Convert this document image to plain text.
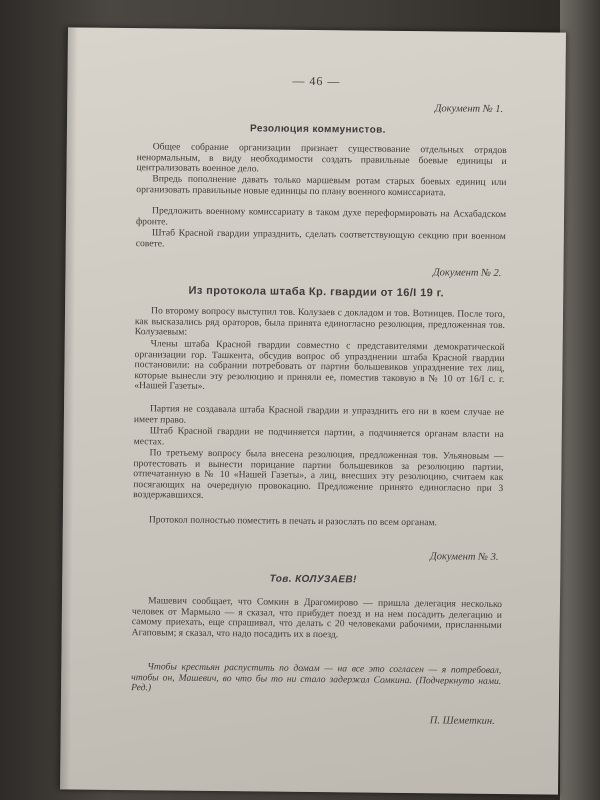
— 46 —
Документ № 1.
Резолюция коммунистов.

Общее собрание организации признает существование отдельных отрядов ненормальным, в виду необходимости создать правильные боевые единицы и централизовать военное дело.

Впредь пополнение давать только маршевым ротам старых боевых единиц или организовать правильные новые единицы по плану военного комиссариата.

Предложить военному комиссариату в таком духе переформировать на Асхабадском фронте.

Штаб Красной гвардии упразднить, сделать соответствующую секцию при военном совете.

Документ № 2.
Из протокола штаба Кр. гвардии от 16/I 19 г.

По второму вопросу выступил тов. Колузаев с докладом и тов. Вотинцев. После того, как высказались ряд ораторов, была принята единогласно резолюция, предложенная тов. Колузаевым:

Члены штаба Красной гвардии совместно с представителями демократической организации гор. Ташкента, обсудив вопрос об упразднении штаба Красной гвардии постановили: на собрании потребовать от партии большевиков упразднение тех лиц, которые вынесли эту резолюцию и приняли ее, поместив таковую в № 10 от 16/I с. г. «Нашей Газеты».

Партия не создавала штаба Красной гвардии и упразднить его ни в коем случае не имеет право.

Штаб Красной гвардии не подчиняется партии, а подчиняется органам власти на местах.

По третьему вопросу была внесена резолюция, предложенная тов. Ульяновым — протестовать и вынести порицание партии большевиков за резолюцию партии, отпечатанную в № 10 «Нашей Газеты», а лиц, внесших эту резолюцию, считаем как посягающих на очередную провокацию. Предложение принято единогласно при 3 воздержавшихся.

Протокол полностью поместить в печать и разослать по всем органам.

Документ № 3.
Тов. КОЛУЗАЕВ!

Машевич сообщает, что Сомкин в Драгомирово — пришла делегация несколько человек от Мармыло — я сказал, что прибудет поезд и на нем посадить делегацию и самому приехать, еще спрашивал, что делать с 20 человеками рабочими, присланными Агаповым; я сказал, что надо посадить их в поезд.

Чтобы крестьян распустить по домам — на все это согласен — я потребовал, чтобы он, Машевич, во что бы то ни стало задержал Сомкина. (Подчеркнуто нами. Ред.)

П. Шеметкин.
